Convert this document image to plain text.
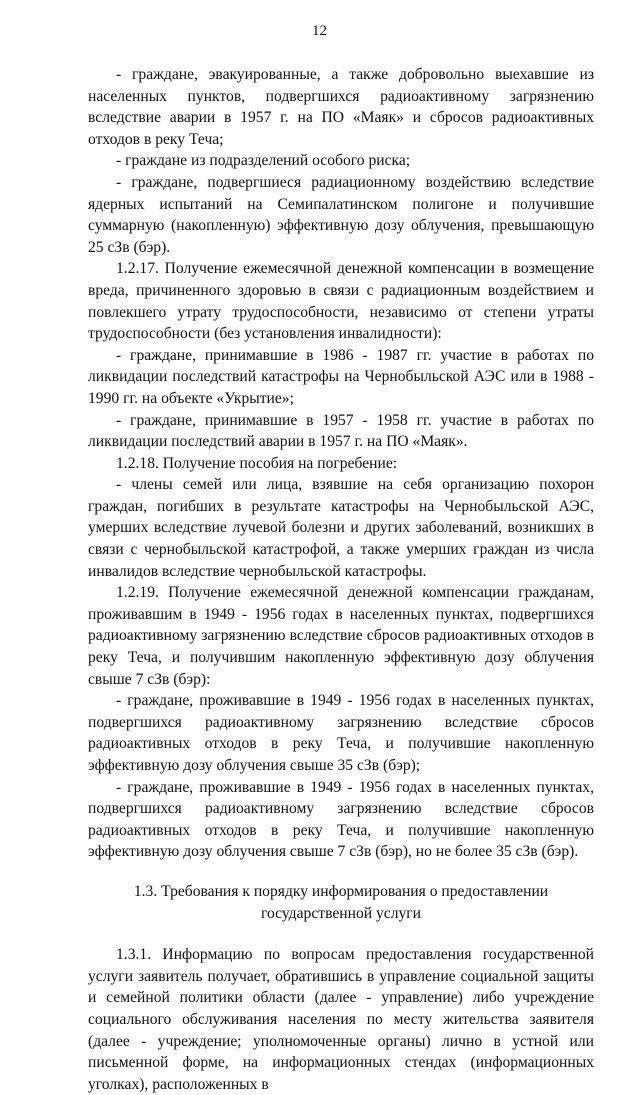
12

- граждане, эвакуированные, а также добровольно выехавшие из населенных пунктов, подвергшихся радиоактивному загрязнению вследствие аварии в 1957 г. на ПО «Маяк» и сбросов радиоактивных отходов в реку Теча;

- граждане из подразделений особого риска;

- граждане, подвергшиеся радиационному воздействию вследствие ядерных испытаний на Семипалатинском полигоне и получившие суммарную (накопленную) эффективную дозу облучения, превышающую 25 сЗв (бэр).

1.2.17. Получение ежемесячной денежной компенсации в возмещение вреда, причиненного здоровью в связи с радиационным воздействием и повлекшего утрату трудоспособности, независимо от степени утраты трудоспособности (без установления инвалидности):

- граждане, принимавшие в 1986 - 1987 гг. участие в работах по ликвидации последствий катастрофы на Чернобыльской АЭС или в 1988 - 1990 гг. на объекте «Укрытие»;

- граждане, принимавшие в 1957 - 1958 гг. участие в работах по ликвидации последствий аварии в 1957 г. на ПО «Маяк».

1.2.18. Получение пособия на погребение:

- члены семей или лица, взявшие на себя организацию похорон граждан, погибших в результате катастрофы на Чернобыльской АЭС, умерших вследствие лучевой болезни и других заболеваний, возникших в связи с чернобыльской катастрофой, а также умерших граждан из числа инвалидов вследствие чернобыльской катастрофы.

1.2.19. Получение ежемесячной денежной компенсации гражданам, проживавшим в 1949 - 1956 годах в населенных пунктах, подвергшихся радиоактивному загрязнению вследствие сбросов радиоактивных отходов в реку Теча, и получившим накопленную эффективную дозу облучения свыше 7 сЗв (бэр):

- граждане, проживавшие в 1949 - 1956 годах в населенных пунктах, подвергшихся радиоактивному загрязнению вследствие сбросов радиоактивных отходов в реку Теча, и получившие накопленную эффективную дозу облучения свыше 35 сЗв (бэр);

- граждане, проживавшие в 1949 - 1956 годах в населенных пунктах, подвергшихся радиоактивному загрязнению вследствие сбросов радиоактивных отходов в реку Теча, и получившие накопленную эффективную дозу облучения свыше 7 сЗв (бэр), но не более 35 сЗв (бэр).

1.3. Требования к порядку информирования о предоставлении государственной услуги

1.3.1. Информацию по вопросам предоставления государственной услуги заявитель получает, обратившись в управление социальной защиты и семейной политики области (далее - управление) либо учреждение социального обслуживания населения по месту жительства заявителя (далее - учреждение; уполномоченные органы) лично в устной или письменной форме, на информационных стендах (информационных уголках), расположенных в
